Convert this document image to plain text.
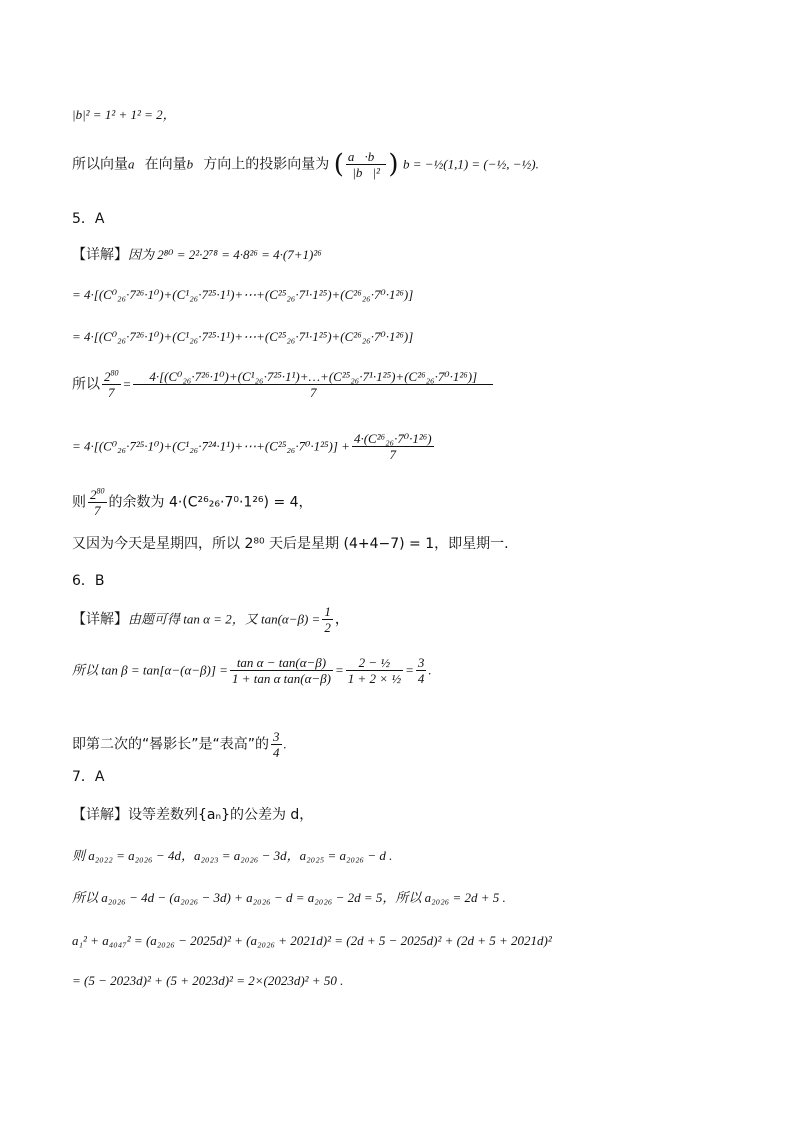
|b|² = 1² + 1² = 2，
所以向量a⃗在向量b⃗方向上的投影向量为 ( $\frac{a⃗\cdot b⃗}{\text{|b⃗|²}}$ ) b = −½(1,1) = (−½, −½).
5．A
【详解】因为 2⁸⁰ = 2²·2⁷⁸ = 4·8²⁶ = 4·(7+1)²⁶
= 4·[(C⁰₂₆·7²⁶·1⁰)+(C¹₂₆·7²⁵·1¹)+⋯+(C²⁵₂₆·7¹·1²⁵)+(C²⁶₂₆·7⁰·1²⁶)]
= 4·[(C⁰₂₆·7²⁶·1⁰)+(C¹₂₆·7²⁵·1¹)+⋯+(C²⁵₂₆·7¹·1²⁵)+(C²⁶₂₆·7⁰·1²⁶)]
所以 $\frac{2^{80}}{7}$ =	4·[(C⁰₂₆·7²⁶·1⁰)+(C¹₂₆·7²⁵·1¹)+…+(C²⁵₂₆·7¹·1²⁵)+(C²⁶₂₆·7⁰·1²⁶)]
7
= 4·[(C⁰₂₆·7²⁵·1⁰)+(C¹₂₆·7²⁴·1¹)+⋯+(C²⁵₂₆·7⁰·1²⁵)] + $\frac{\text{4·(C²⁶₂₆·7⁰·1²⁶)}}{7}$
则 $\frac{2^{80}}{7}$ 的余数为 4·(C²⁶₂₆·7⁰·1²⁶) = 4，
又因为今天是星期四，所以 2⁸⁰ 天后是星期 (4+4−7) = 1，即星期一.
6．B
【详解】由题可得 tan α = 2，又 $\tan(\alpha-\beta) = \frac{1}{2}$ ，
所以 $\tan \beta = \tan[\alpha-(\alpha-\beta)] = \frac{\text{tan α − tan(α−β)}}{\text{1 + tan α tan(α−β)}} = \frac{\text{2 − ½}}{\text{1 + 2 × ½}} = \frac{3}{4}$ .
即第二次的“晷影长”是“表高”的 $\frac{3}{4}$ .
7．A
【详解】设等差数列{aₙ}的公差为 d，
则 a₂₀₂₂ = a₂₀₂₆ − 4d，a₂₀₂₃ = a₂₀₂₆ − 3d，a₂₀₂₅ = a₂₀₂₆ − d .
所以 a₂₀₂₆ − 4d − (a₂₀₂₆ − 3d) + a₂₀₂₆ − d = a₂₀₂₆ − 2d = 5，所以 a₂₀₂₆ = 2d + 5 .
a₁² + a₄₀₄₇² = (a₂₀₂₆ − 2025d)² + (a₂₀₂₆ + 2021d)² = (2d + 5 − 2025d)² + (2d + 5 + 2021d)²
= (5 − 2023d)² + (5 + 2023d)² = 2×(2023d)² + 50 .
